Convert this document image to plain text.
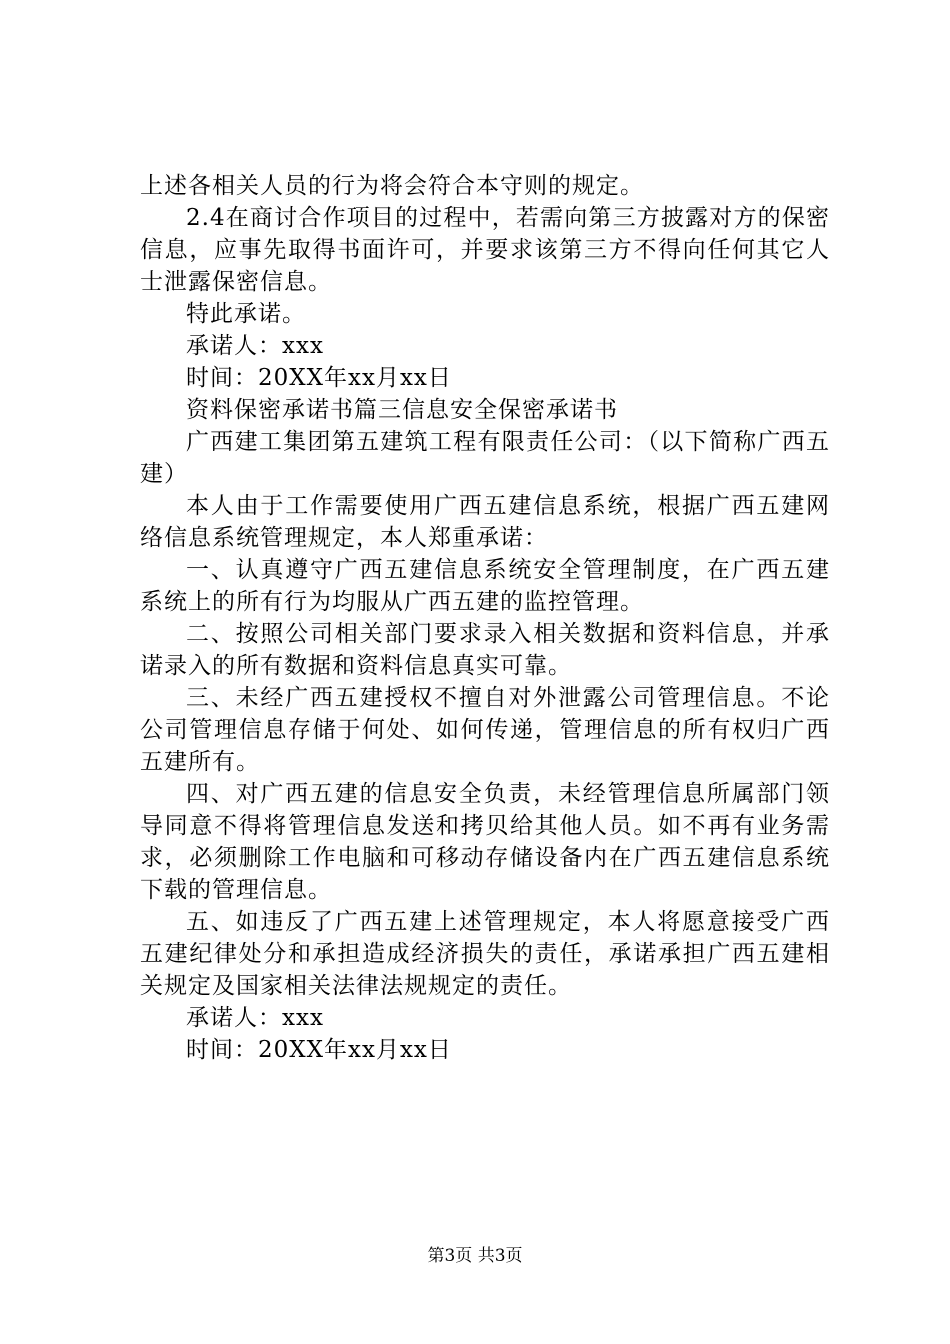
上述各相关人员的行为将会符合本守则的规定。

2.4在商讨合作项目的过程中，若需向第三方披露对方的保密信息，应事先取得书面许可，并要求该第三方不得向任何其它人士泄露保密信息。

特此承诺。

承诺人：xxx

时间：20XX年xx月xx日

资料保密承诺书篇三信息安全保密承诺书

广西建工集团第五建筑工程有限责任公司：（以下简称广西五建）

本人由于工作需要使用广西五建信息系统，根据广西五建网络信息系统管理规定，本人郑重承诺：

一、认真遵守广西五建信息系统安全管理制度，在广西五建系统上的所有行为均服从广西五建的监控管理。

二、按照公司相关部门要求录入相关数据和资料信息，并承诺录入的所有数据和资料信息真实可靠。

三、未经广西五建授权不擅自对外泄露公司管理信息。不论公司管理信息存储于何处、如何传递，管理信息的所有权归广西五建所有。

四、对广西五建的信息安全负责，未经管理信息所属部门领导同意不得将管理信息发送和拷贝给其他人员。如不再有业务需求，必须删除工作电脑和可移动存储设备内在广西五建信息系统下载的管理信息。

五、如违反了广西五建上述管理规定，本人将愿意接受广西五建纪律处分和承担造成经济损失的责任，承诺承担广西五建相关规定及国家相关法律法规规定的责任。

承诺人：xxx

时间：20XX年xx月xx日

第3页 共3页
